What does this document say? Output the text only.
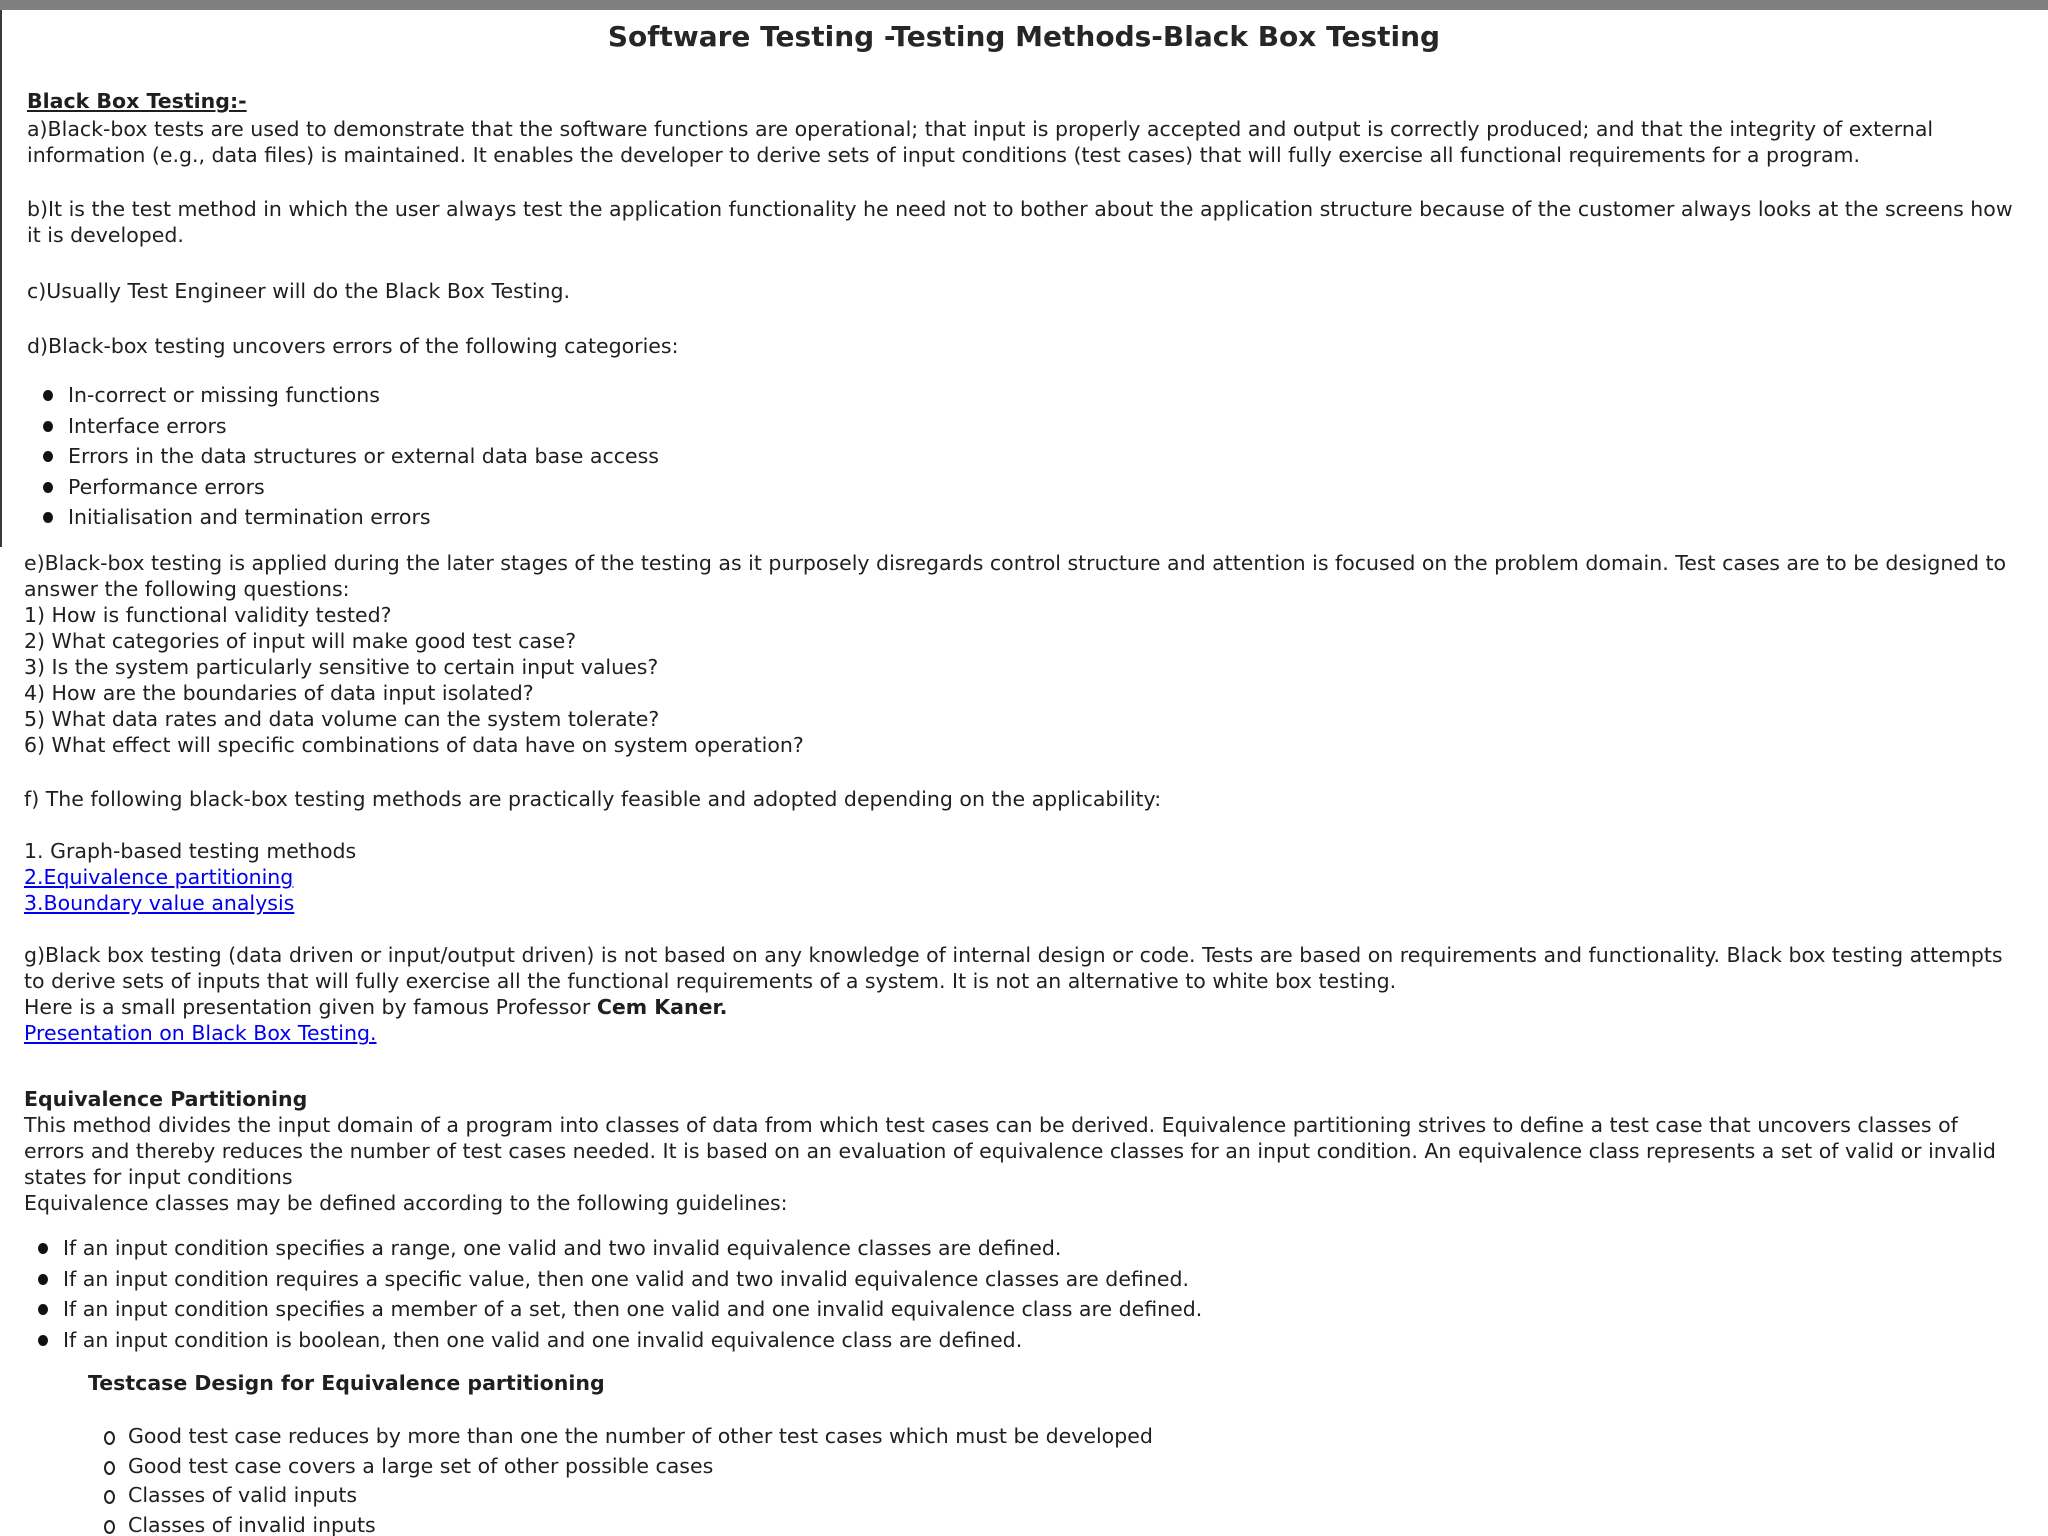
Software Testing -Testing Methods-Black Box Testing
Black Box Testing:-

a)Black-box tests are used to demonstrate that the software functions are operational; that input is properly accepted and output is correctly produced; and that the integrity of external information (e.g., data files) is maintained. It enables the developer to derive sets of input conditions (test cases) that will fully exercise all functional requirements for a program.

b)It is the test method in which the user always test the application functionality he need not to bother about the application structure because of the customer always looks at the screens how it is developed.

c)Usually Test Engineer will do the Black Box Testing.

d)Black-box testing uncovers errors of the following categories:

In-correct or missing functions
Interface errors
Errors in the data structures or external data base access
Performance errors
Initialisation and termination errors

e)Black-box testing is applied during the later stages of the testing as it purposely disregards control structure and attention is focused on the problem domain. Test cases are to be designed to answer the following questions:

1) How is functional validity tested?

2) What categories of input will make good test case?

3) Is the system particularly sensitive to certain input values?

4) How are the boundaries of data input isolated?

5) What data rates and data volume can the system tolerate?

6) What effect will specific combinations of data have on system operation?

f) The following black-box testing methods are practically feasible and adopted depending on the applicability:

1. Graph-based testing methods

2.Equivalence partitioning

3.Boundary value analysis

g)Black box testing (data driven or input/output driven) is not based on any knowledge of internal design or code. Tests are based on requirements and functionality. Black box testing attempts to derive sets of inputs that will fully exercise all the functional requirements of a system. It is not an alternative to white box testing.

Here is a small presentation given by famous Professor Cem Kaner.

Presentation on Black Box Testing.

Equivalence Partitioning

This method divides the input domain of a program into classes of data from which test cases can be derived. Equivalence partitioning strives to define a test case that uncovers classes of errors and thereby reduces the number of test cases needed. It is based on an evaluation of equivalence classes for an input condition. An equivalence class represents a set of valid or invalid states for input conditions

Equivalence classes may be defined according to the following guidelines:

If an input condition specifies a range, one valid and two invalid equivalence classes are defined.
If an input condition requires a specific value, then one valid and two invalid equivalence classes are defined.
If an input condition specifies a member of a set, then one valid and one invalid equivalence class are defined.
If an input condition is boolean, then one valid and one invalid equivalence class are defined.
Testcase Design for Equivalence partitioning
Good test case reduces by more than one the number of other test cases which must be developed
Good test case covers a large set of other possible cases
Classes of valid inputs
Classes of invalid inputs
